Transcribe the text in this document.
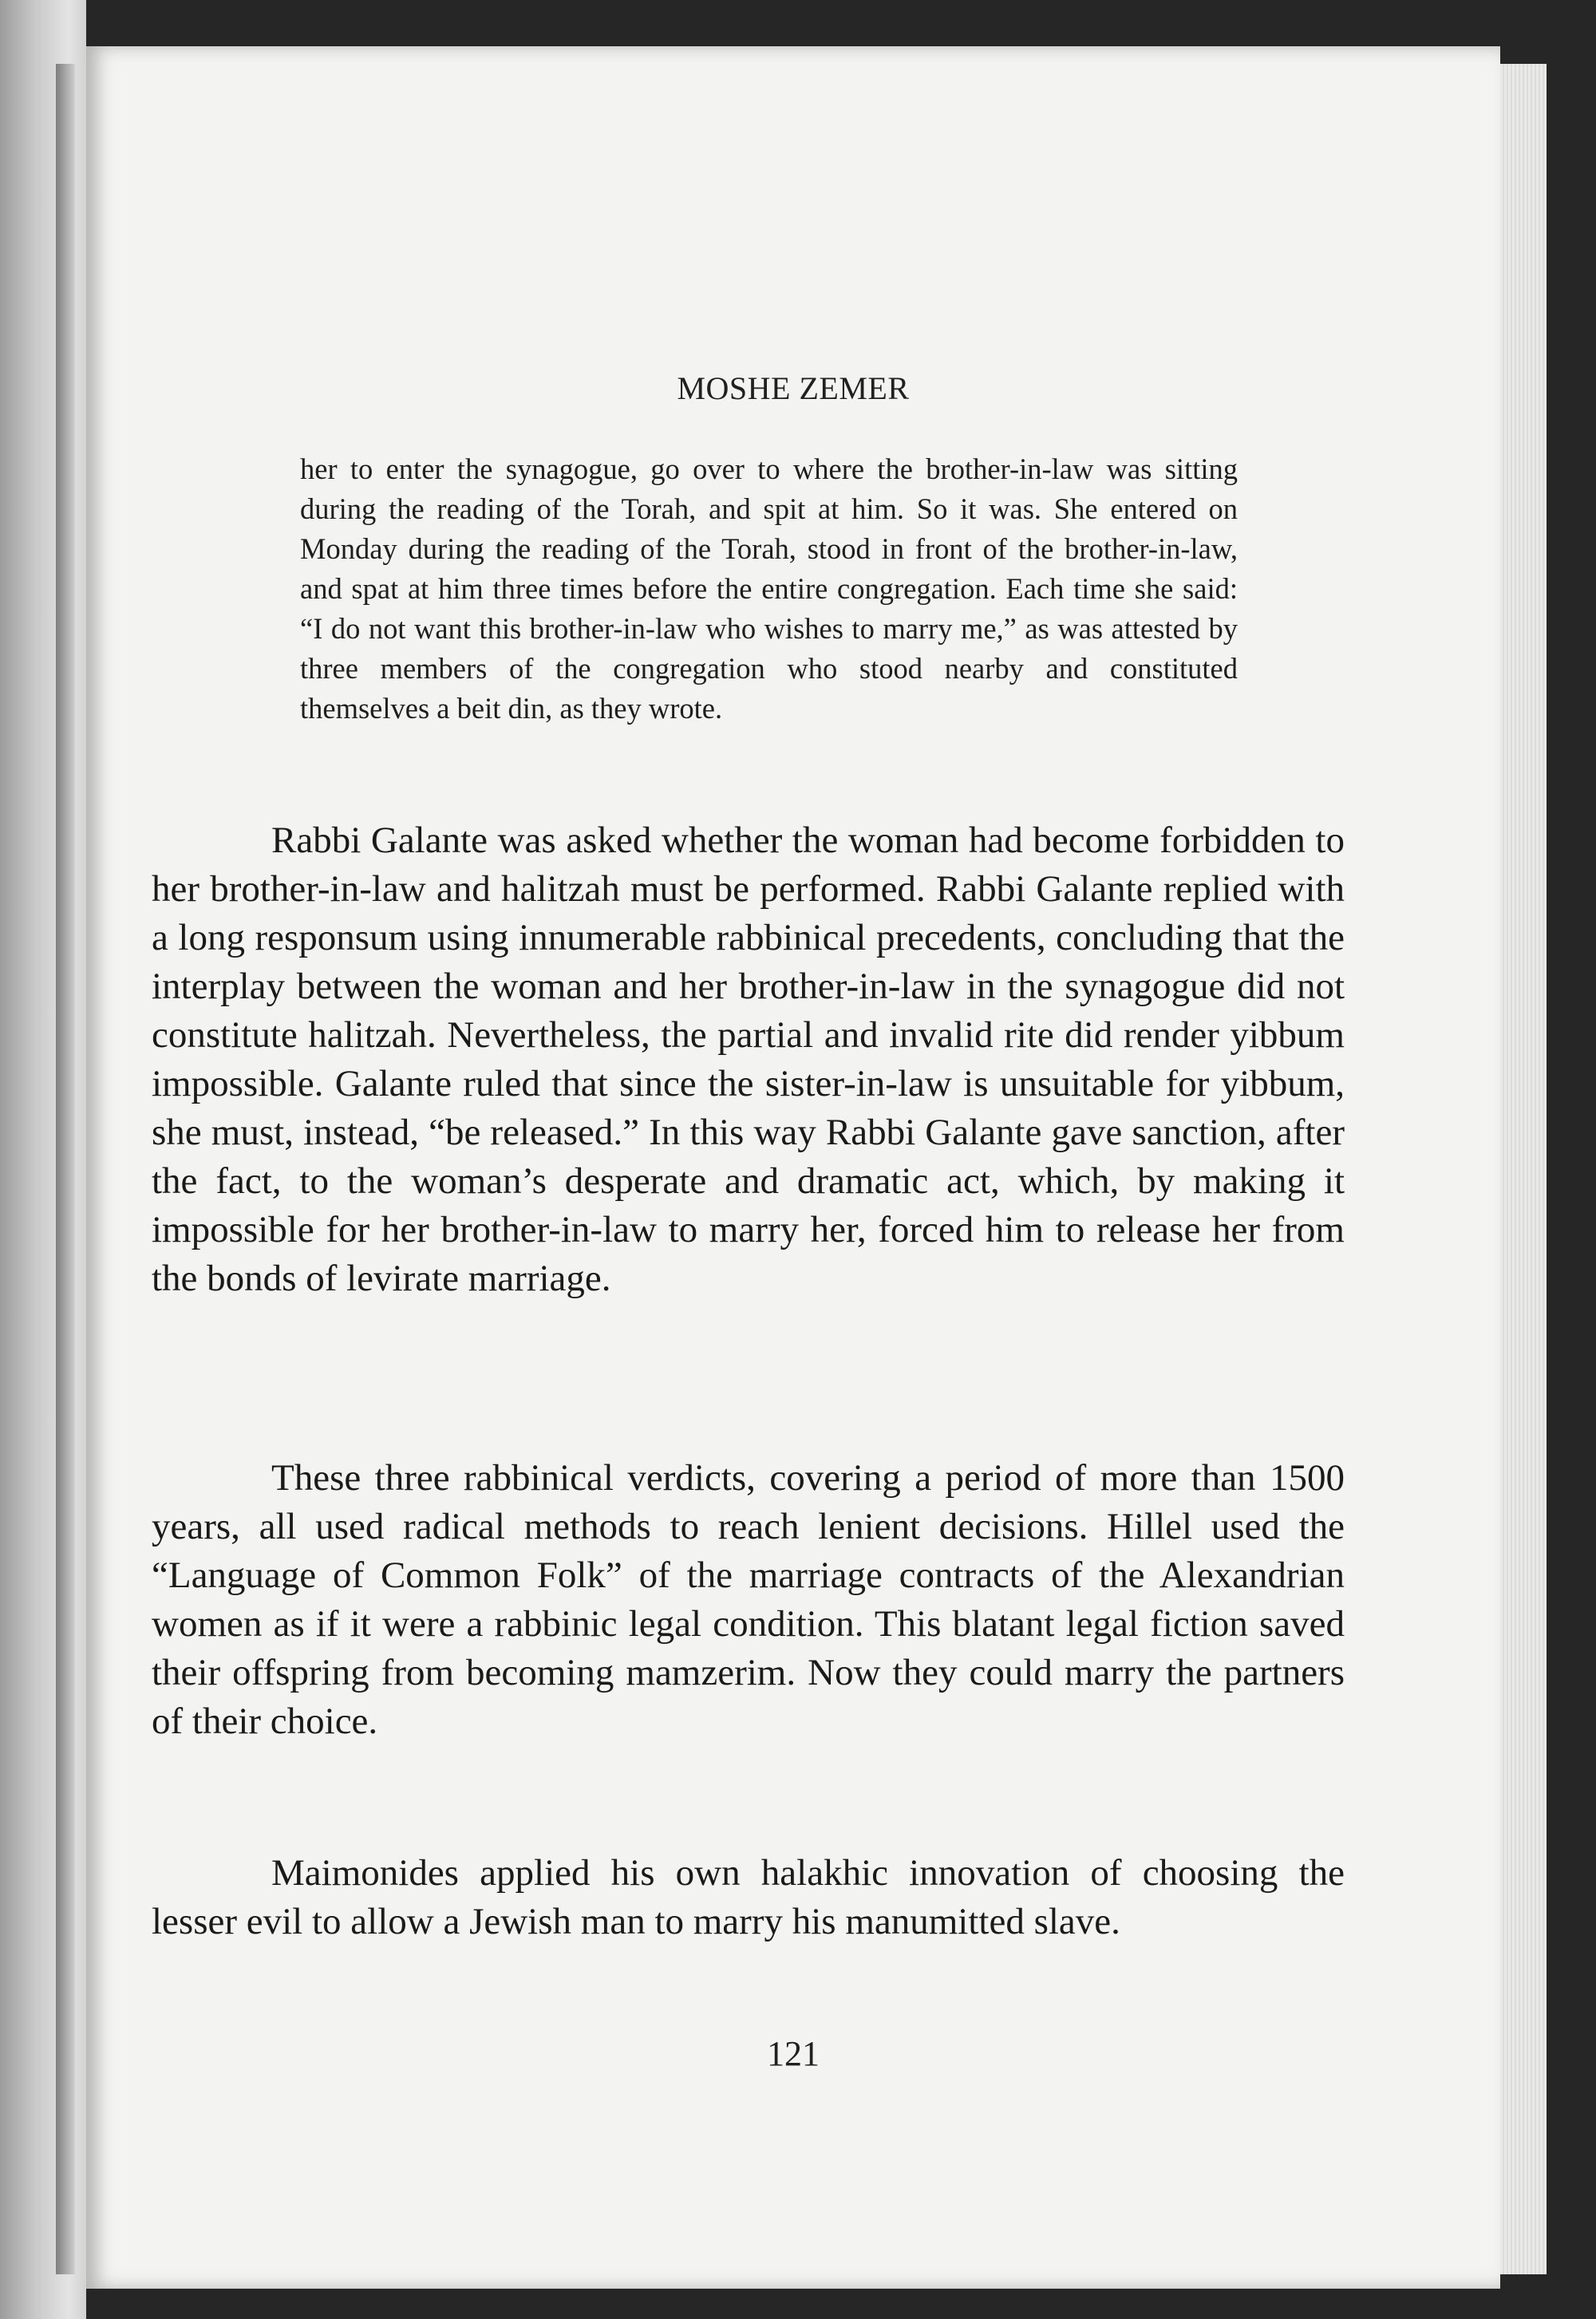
MOSHE ZEMER
her to enter the synagogue, go over to where the brother-in-law was sitting during the reading of the Torah, and spit at him. So it was. She entered on Monday during the reading of the Torah, stood in front of the brother-in-law, and spat at him three times before the entire congregation. Each time she said: “I do not want this brother-in-law who wishes to marry me,” as was attested by three members of the congregation who stood nearby and constituted themselves a beit din, as they wrote.

Rabbi Galante was asked whether the woman had become forbidden to her brother-in-law and halitzah must be performed. Rabbi Galante replied with a long responsum using innumerable rabbinical precedents, concluding that the interplay between the woman and her brother-in-law in the synagogue did not constitute halitzah. Nevertheless, the partial and invalid rite did render yibbum impossible. Galante ruled that since the sister-in-law is unsuitable for yibbum, she must, instead, “be released.” In this way Rabbi Galante gave sanction, after the fact, to the woman’s desperate and dramatic act, which, by making it impossible for her brother-in-law to marry her, forced him to release her from the bonds of levirate marriage.

These three rabbinical verdicts, covering a period of more than 1500 years, all used radical methods to reach lenient decisions. Hillel used the “Language of Common Folk” of the marriage contracts of the Alexandrian women as if it were a rabbinic legal condition. This blatant legal fiction saved their offspring from becoming mamzerim. Now they could marry the partners of their choice.

Maimonides applied his own halakhic innovation of choosing the lesser evil to allow a Jewish man to marry his manumitted slave.

121
